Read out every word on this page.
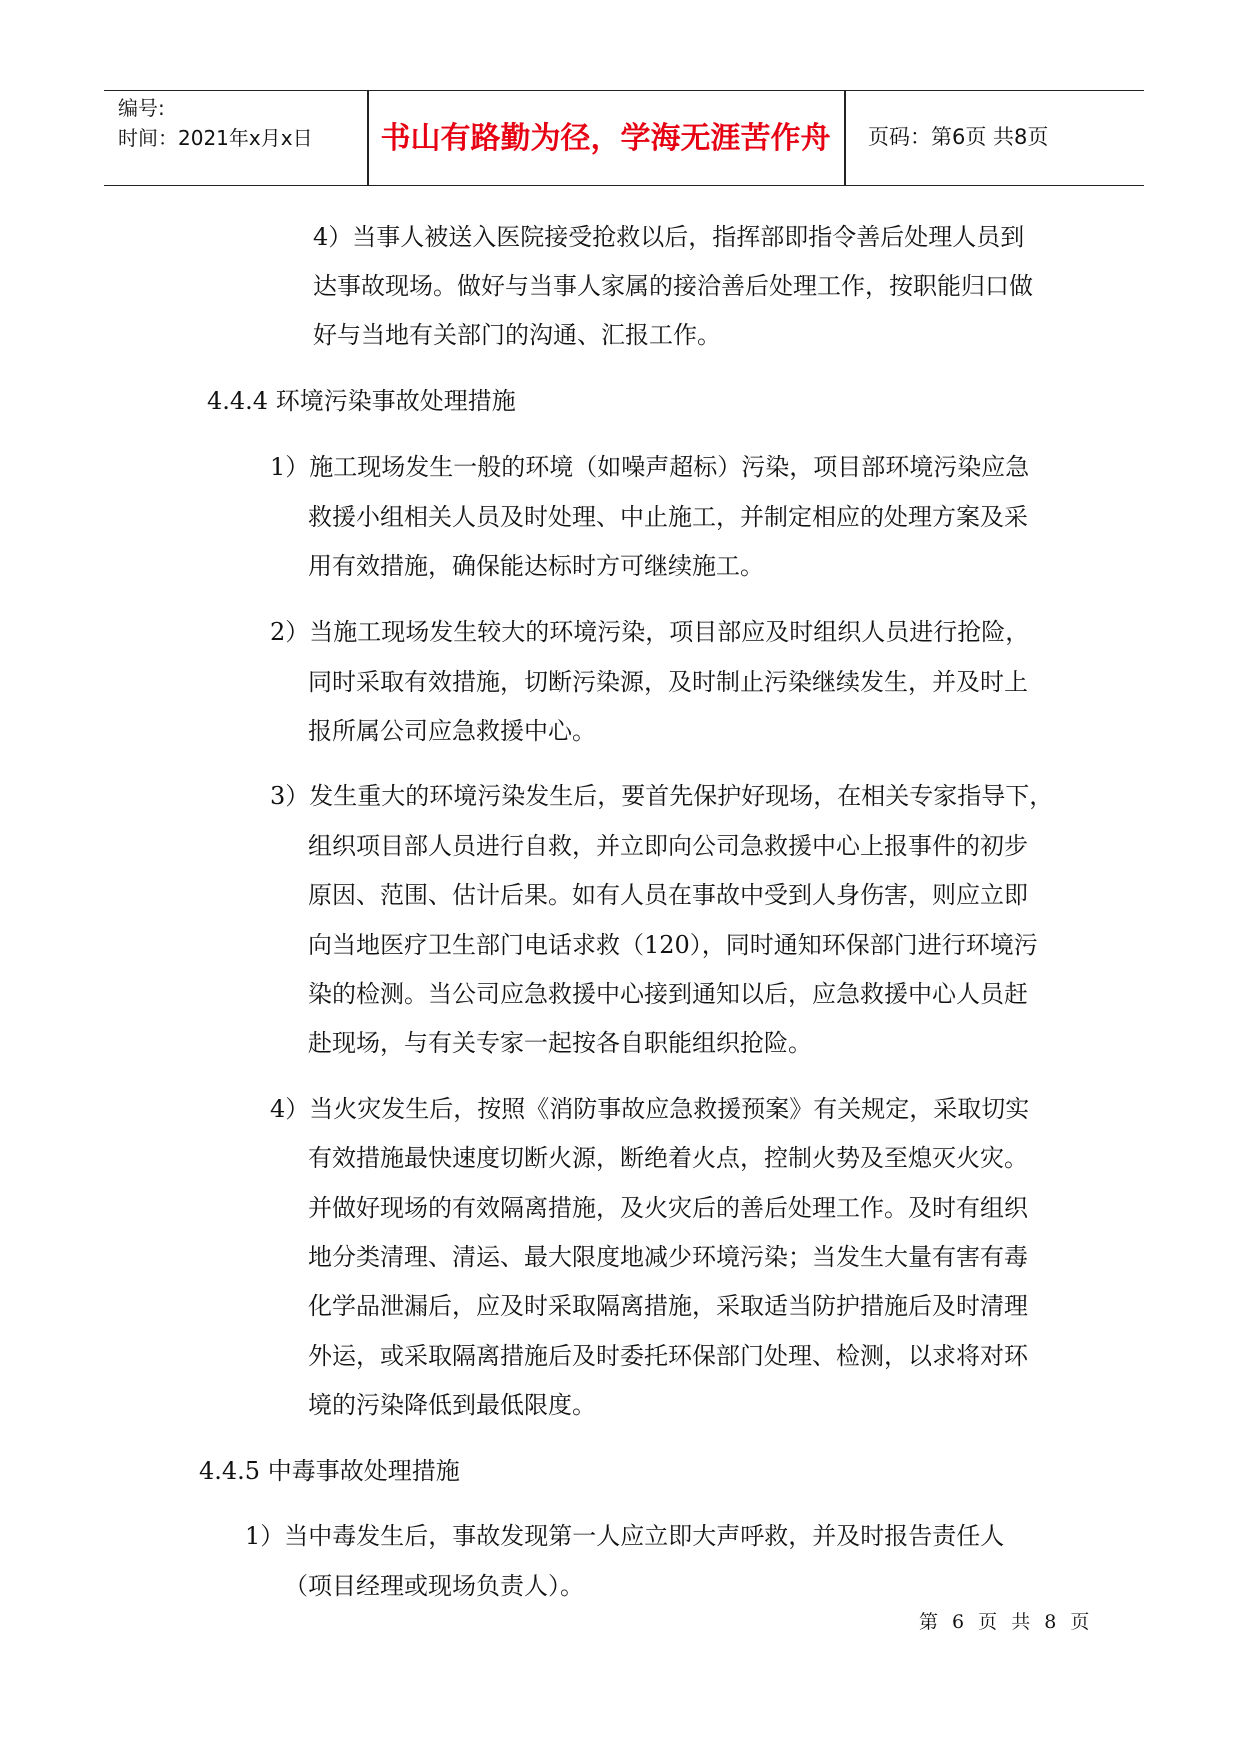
编号:
时间：2021年x月x日	书山有路勤为径，学海无涯苦作舟	页码：第6页 共8页
4）当事人被送入医院接受抢救以后，指挥部即指令善后处理人员到
达事故现场。做好与当事人家属的接洽善后处理工作，按职能归口做
好与当地有关部门的沟通、汇报工作。
4.4.4 环境污染事故处理措施
1）施工现场发生一般的环境（如噪声超标）污染，项目部环境污染应急
救援小组相关人员及时处理、中止施工，并制定相应的处理方案及采
用有效措施，确保能达标时方可继续施工。
2）当施工现场发生较大的环境污染，项目部应及时组织人员进行抢险，
同时采取有效措施，切断污染源，及时制止污染继续发生，并及时上
报所属公司应急救援中心。
3）发生重大的环境污染发生后，要首先保护好现场，在相关专家指导下，
组织项目部人员进行自救，并立即向公司急救援中心上报事件的初步
原因、范围、估计后果。如有人员在事故中受到人身伤害，则应立即
向当地医疗卫生部门电话求救（120），同时通知环保部门进行环境污
染的检测。当公司应急救援中心接到通知以后，应急救援中心人员赶
赴现场，与有关专家一起按各自职能组织抢险。
4）当火灾发生后，按照《消防事故应急救援预案》有关规定，采取切实
有效措施最快速度切断火源，断绝着火点，控制火势及至熄灭火灾。
并做好现场的有效隔离措施，及火灾后的善后处理工作。及时有组织
地分类清理、清运、最大限度地减少环境污染；当发生大量有害有毒
化学品泄漏后，应及时采取隔离措施，采取适当防护措施后及时清理
外运，或采取隔离措施后及时委托环保部门处理、检测，以求将对环
境的污染降低到最低限度。
4.4.5 中毒事故处理措施
1）当中毒发生后，事故发现第一人应立即大声呼救，并及时报告责任人
（项目经理或现场负责人）。
第 6 页 共 8 页
